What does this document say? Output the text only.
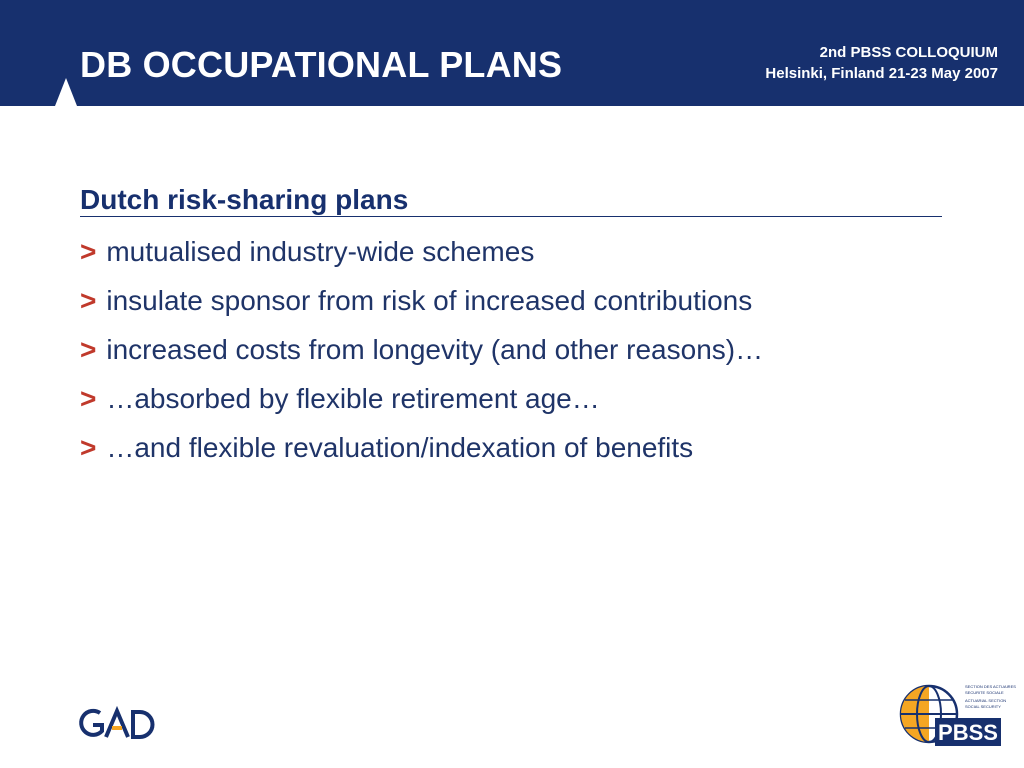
DB OCCUPATIONAL PLANS	2nd PBSS COLLOQUIUM
Helsinki, Finland 21-23 May 2007
Dutch risk-sharing plans
> mutualised industry-wide schemes
> insulate sponsor from risk of increased contributions
> increased costs from longevity (and other reasons)…
> …absorbed by flexible retirement age…
> …and flexible revaluation/indexation of benefits
PBSS
SECTION DES ACTUAIRES
SECURITE SOCIALE
ACTUARIAL SECTION
SOCIAL SECURITY
